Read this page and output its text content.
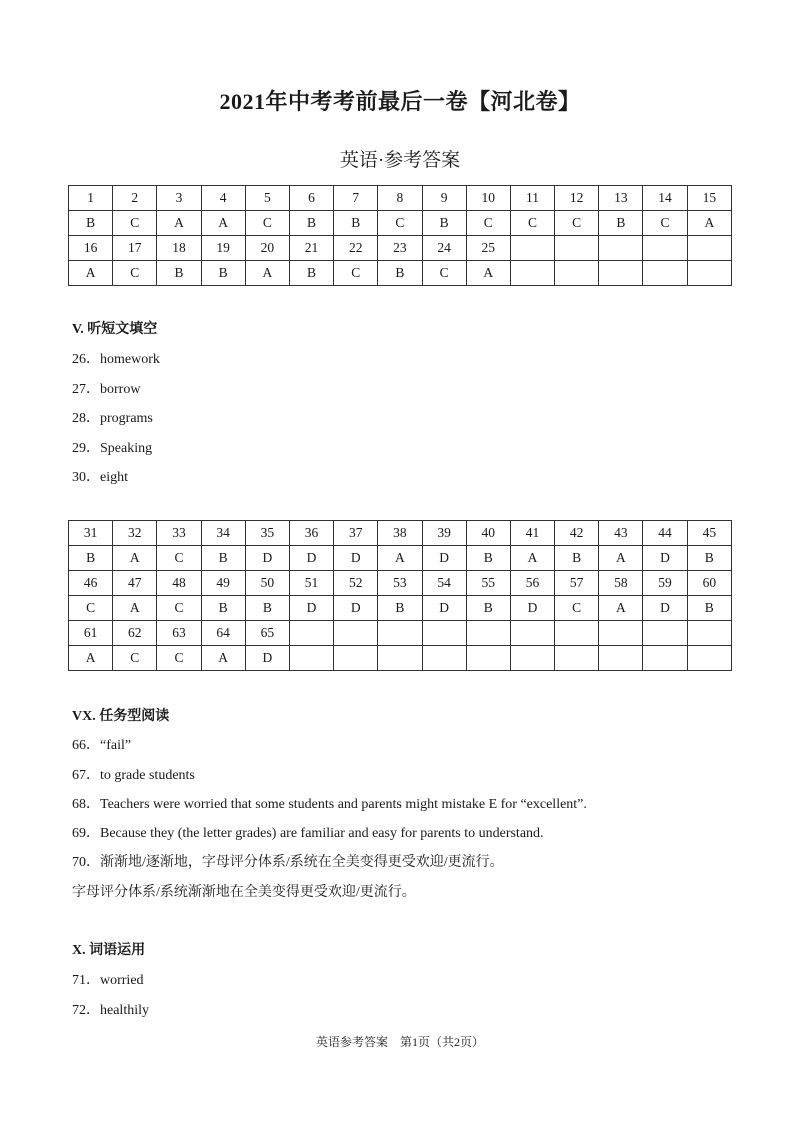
2021年中考考前最后一卷【河北卷】
英语·参考答案
1	2	3	4	5	6	7	8	9	10	11	12	13	14	15
B	C	A	A	C	B	B	C	B	C	C	C	B	C	A
16	17	18	19	20	21	22	23	24	25					
A	C	B	B	A	B	C	B	C	A					
V. 听短文填空
26．homework
27．borrow
28．programs
29．Speaking
30．eight
31	32	33	34	35	36	37	38	39	40	41	42	43	44	45
B	A	C	B	D	D	D	A	D	B	A	B	A	D	B
46	47	48	49	50	51	52	53	54	55	56	57	58	59	60
C	A	C	B	B	D	D	B	D	B	D	C	A	D	B
61	62	63	64	65										
A	C	C	A	D										
VX. 任务型阅读
66．“fail”
67．to grade students
68．Teachers were worried that some students and parents might mistake E for “excellent”.
69．Because they (the letter grades) are familiar and easy for parents to understand.
70．渐渐地/逐渐地，字母评分体系/系统在全美变得更受欢迎/更流行。
字母评分体系/系统渐渐地在全美变得更受欢迎/更流行。
X. 词语运用
71．worried
72．healthily
英语参考答案　第1页（共2页）
